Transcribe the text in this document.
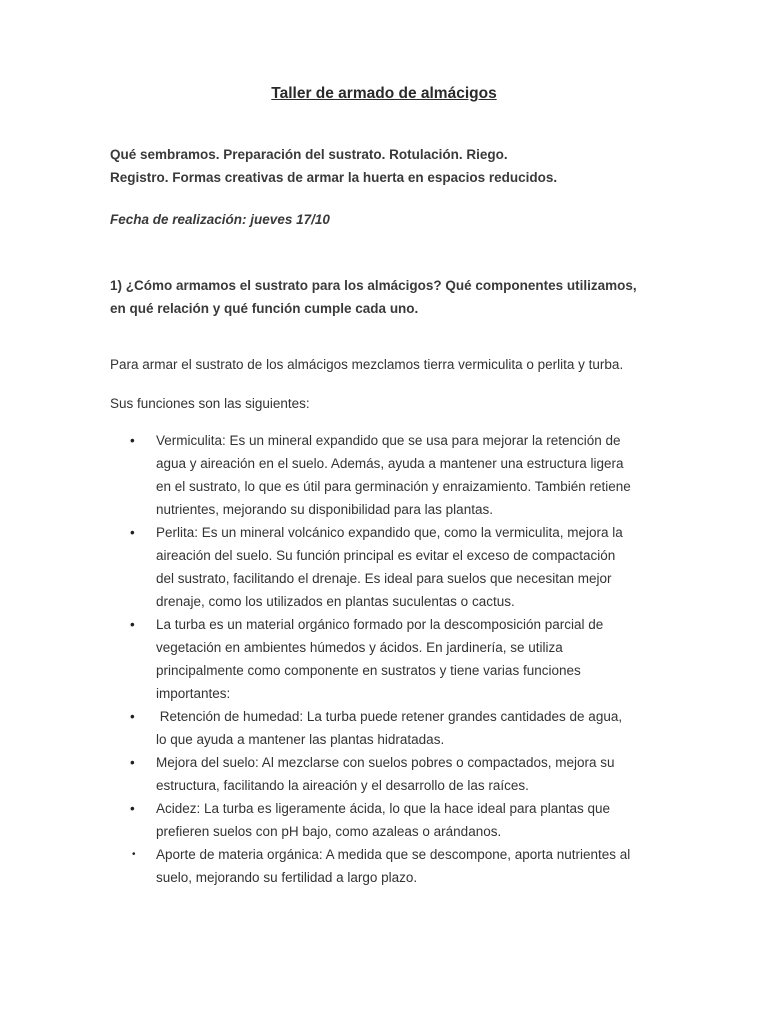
Taller de armado de almácigos
Qué sembramos. Preparación del sustrato. Rotulación. Riego.
Registro. Formas creativas de armar la huerta en espacios reducidos.
Fecha de realización: jueves 17/10
1) ¿Cómo armamos el sustrato para los almácigos? Qué componentes utilizamos,
en qué relación y qué función cumple cada uno.
Para armar el sustrato de los almácigos mezclamos tierra vermiculita o perlita y turba.
Sus funciones son las siguientes:
• Vermiculita: Es un mineral expandido que se usa para mejorar la retención de
agua y aireación en el suelo. Además, ayuda a mantener una estructura ligera
en el sustrato, lo que es útil para germinación y enraizamiento. También retiene
nutrientes, mejorando su disponibilidad para las plantas.
• Perlita: Es un mineral volcánico expandido que, como la vermiculita, mejora la
aireación del suelo. Su función principal es evitar el exceso de compactación
del sustrato, facilitando el drenaje. Es ideal para suelos que necesitan mejor
drenaje, como los utilizados en plantas suculentas o cactus.
• La turba es un material orgánico formado por la descomposición parcial de
vegetación en ambientes húmedos y ácidos. En jardinería, se utiliza
principalmente como componente en sustratos y tiene varias funciones
importantes:
• Retención de humedad: La turba puede retener grandes cantidades de agua,
lo que ayuda a mantener las plantas hidratadas.
• Mejora del suelo: Al mezclarse con suelos pobres o compactados, mejora su
estructura, facilitando la aireación y el desarrollo de las raíces.
• Acidez: La turba es ligeramente ácida, lo que la hace ideal para plantas que
prefieren suelos con pH bajo, como azaleas o arándanos.
• Aporte de materia orgánica: A medida que se descompone, aporta nutrientes al
suelo, mejorando su fertilidad a largo plazo.
